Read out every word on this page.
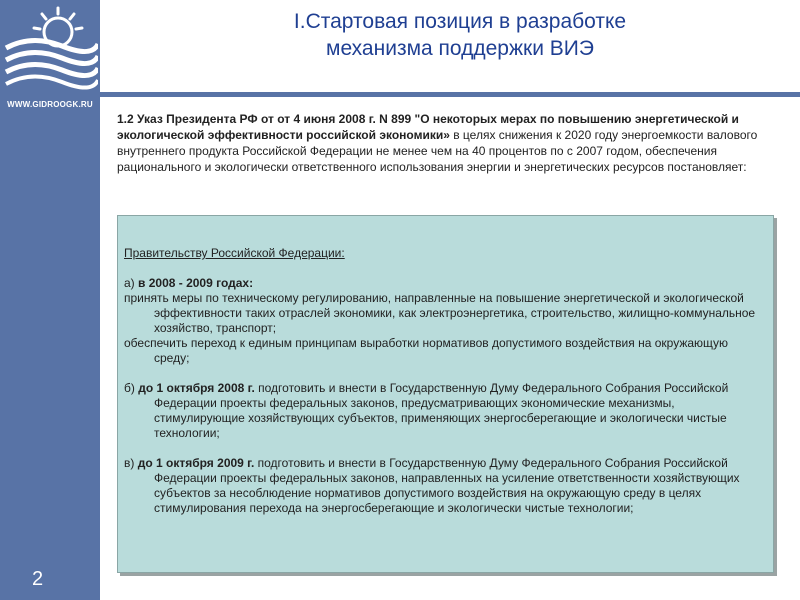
WWW.GIDROOGK.RU
2
I.Стартовая позиция в разработке
механизма поддержки ВИЭ
1.2 Указ Президента РФ от от 4 июня 2008 г. N 899 "О некоторых мерах по повышению энергетической и экологической эффективности российской экономики» в целях снижения к 2020 году энергоемкости валового внутреннего продукта Российской Федерации не менее чем на 40 процентов по с 2007 годом, обеспечения рационального и экологически ответственного использования энергии и энергетических ресурсов постановляет:

Правительству Российской Федерации:

а) в 2008 - 2009 годах:

принять меры по техническому регулированию, направленные на повышение энергетической и экологической эффективности таких отраслей экономики, как электроэнергетика, строительство, жилищно-коммунальное хозяйство, транспорт;

обеспечить переход к единым принципам выработки нормативов допустимого воздействия на окружающую среду;

б) до 1 октября 2008 г. подготовить и внести в Государственную Думу Федерального Собрания Российской Федерации проекты федеральных законов, предусматривающих экономические механизмы, стимулирующие хозяйствующих субъектов, применяющих энергосберегающие и экологически чистые технологии;

в) до 1 октября 2009 г. подготовить и внести в Государственную Думу Федерального Собрания Российской Федерации проекты федеральных законов, направленных на усиление ответственности хозяйствующих субъектов за несоблюдение нормативов допустимого воздействия на окружающую среду в целях стимулирования перехода на энергосберегающие и экологически чистые технологии;
